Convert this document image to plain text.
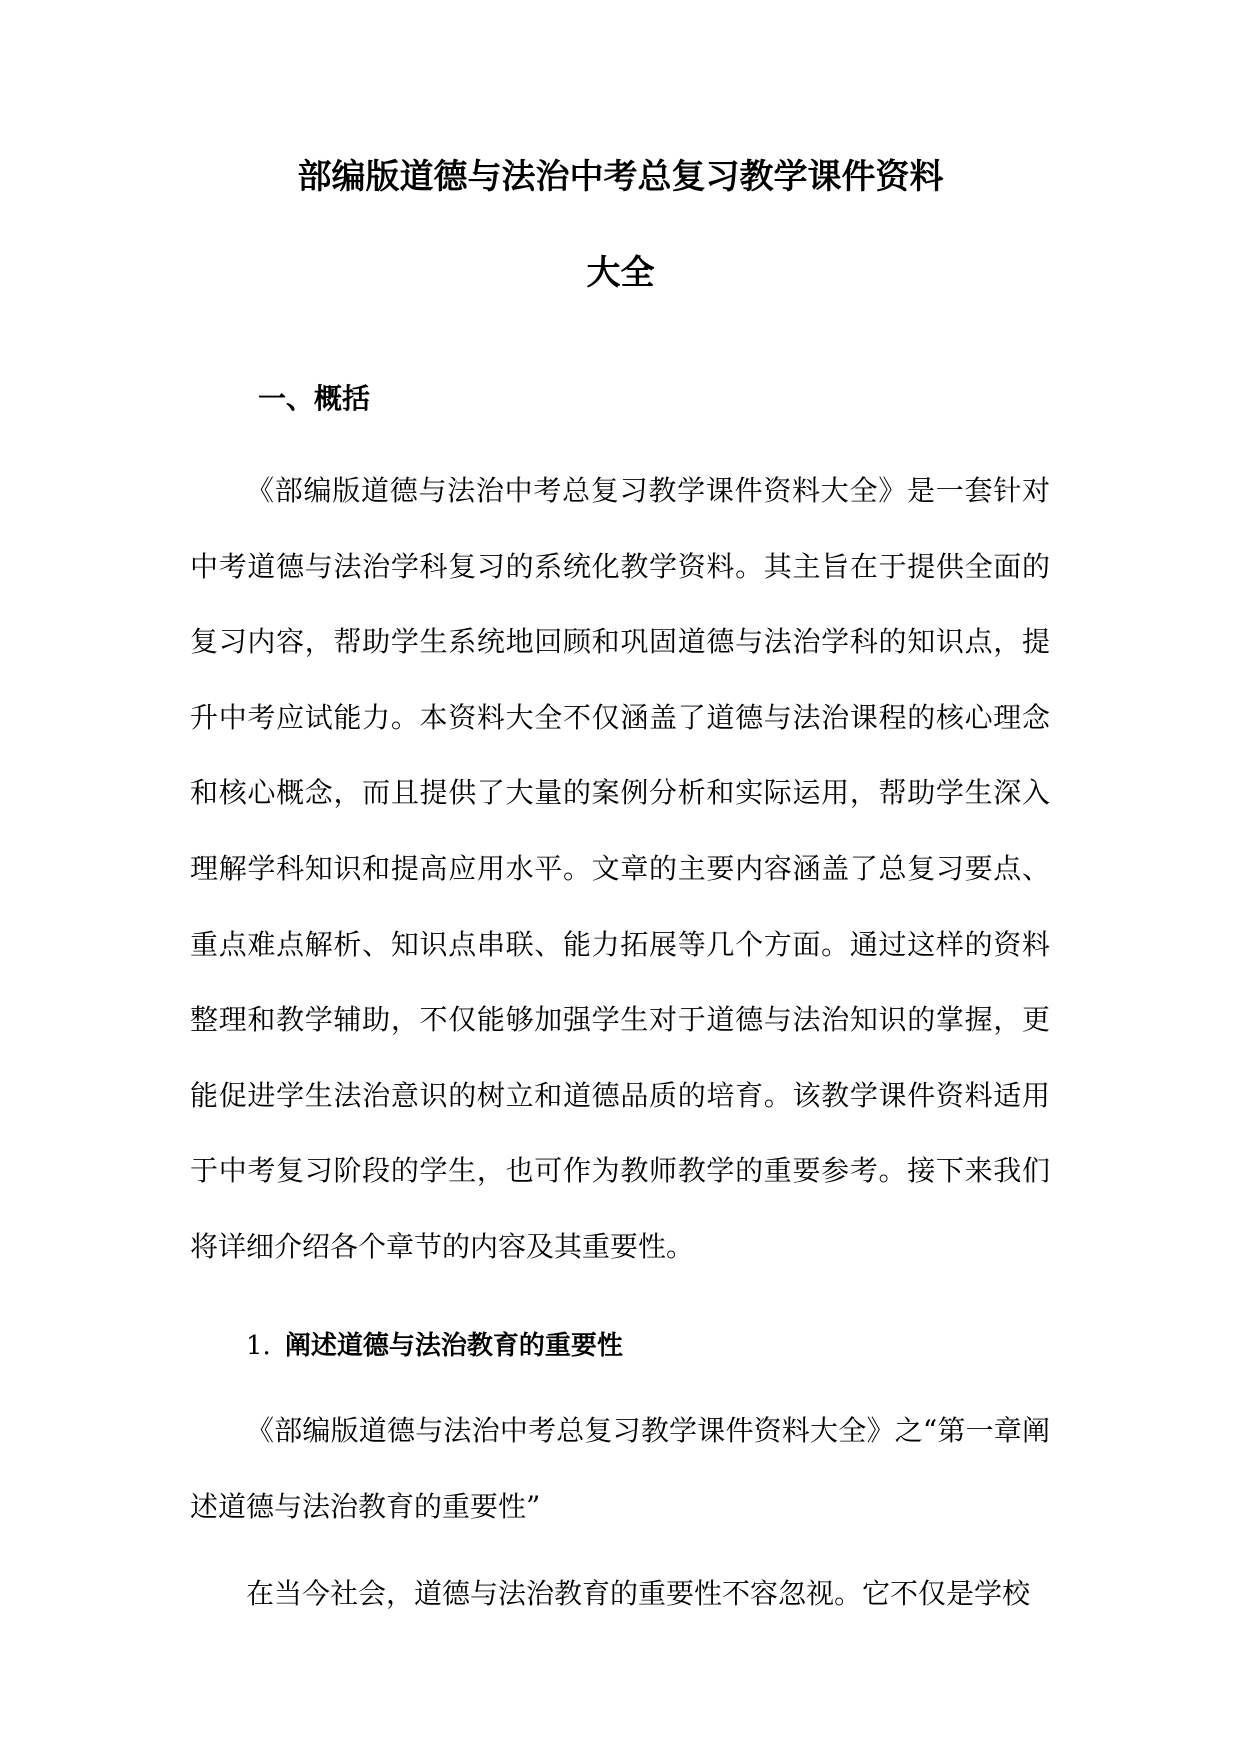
部编版道德与法治中考总复习教学课件资料
大全
一、概括

《部编版道德与法治中考总复习教学课件资料大全》是一套针对中考道德与法治学科复习的系统化教学资料。其主旨在于提供全面的复习内容，帮助学生系统地回顾和巩固道德与法治学科的知识点，提升中考应试能力。本资料大全不仅涵盖了道德与法治课程的核心理念和核心概念，而且提供了大量的案例分析和实际运用，帮助学生深入理解学科知识和提高应用水平。文章的主要内容涵盖了总复习要点、重点难点解析、知识点串联、能力拓展等几个方面。通过这样的资料整理和教学辅助，不仅能够加强学生对于道德与法治知识的掌握，更能促进学生法治意识的树立和道德品质的培育。该教学课件资料适用于中考复习阶段的学生，也可作为教师教学的重要参考。接下来我们将详细介绍各个章节的内容及其重要性。

1. 阐述道德与法治教育的重要性

《部编版道德与法治中考总复习教学课件资料大全》之“第一章阐述道德与法治教育的重要性”

在当今社会，道德与法治教育的重要性不容忽视。它不仅是学校
